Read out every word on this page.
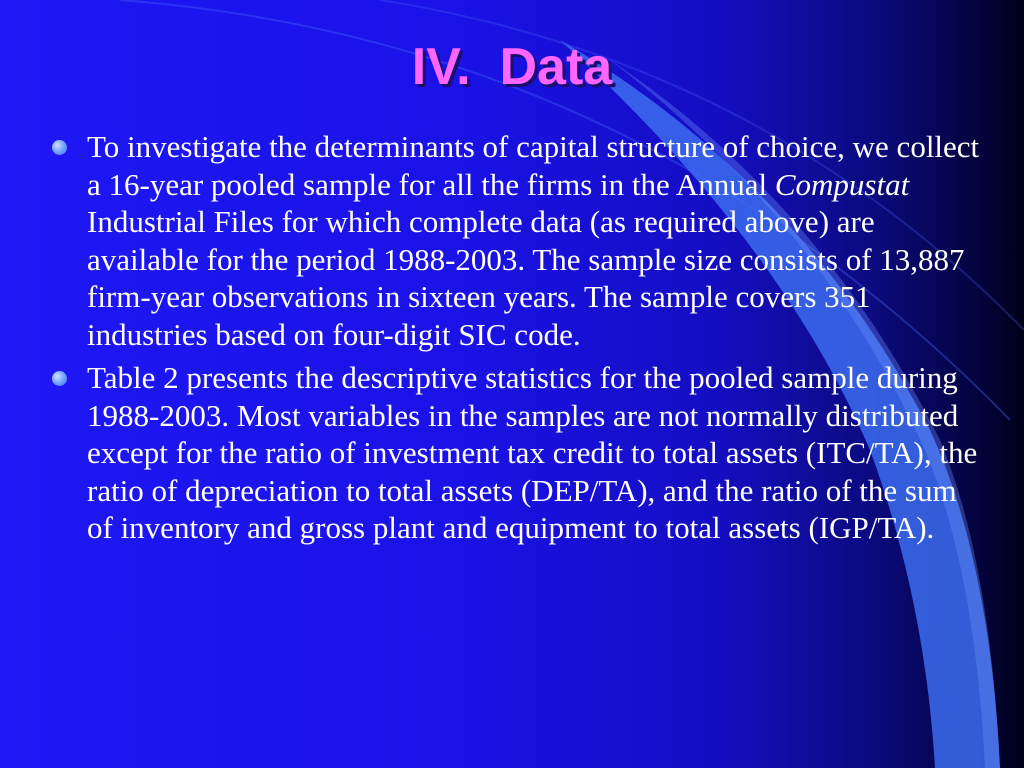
IV.  Data
To investigate the determinants of capital structure of choice, we collect a 16-year pooled sample for all the firms in the Annual Compustat Industrial Files for which complete data (as required above) are available for the period 1988-2003. The sample size consists of 13,887 firm-year observations in sixteen years. The sample covers 351 industries based on four-digit SIC code.
Table 2 presents the descriptive statistics for the pooled sample during 1988-2003. Most variables in the samples are not normally distributed except for the ratio of investment tax credit to total assets (ITC/TA), the ratio of depreciation to total assets (DEP/TA), and the ratio of the sum of inventory and gross plant and equipment to total assets (IGP/TA).
